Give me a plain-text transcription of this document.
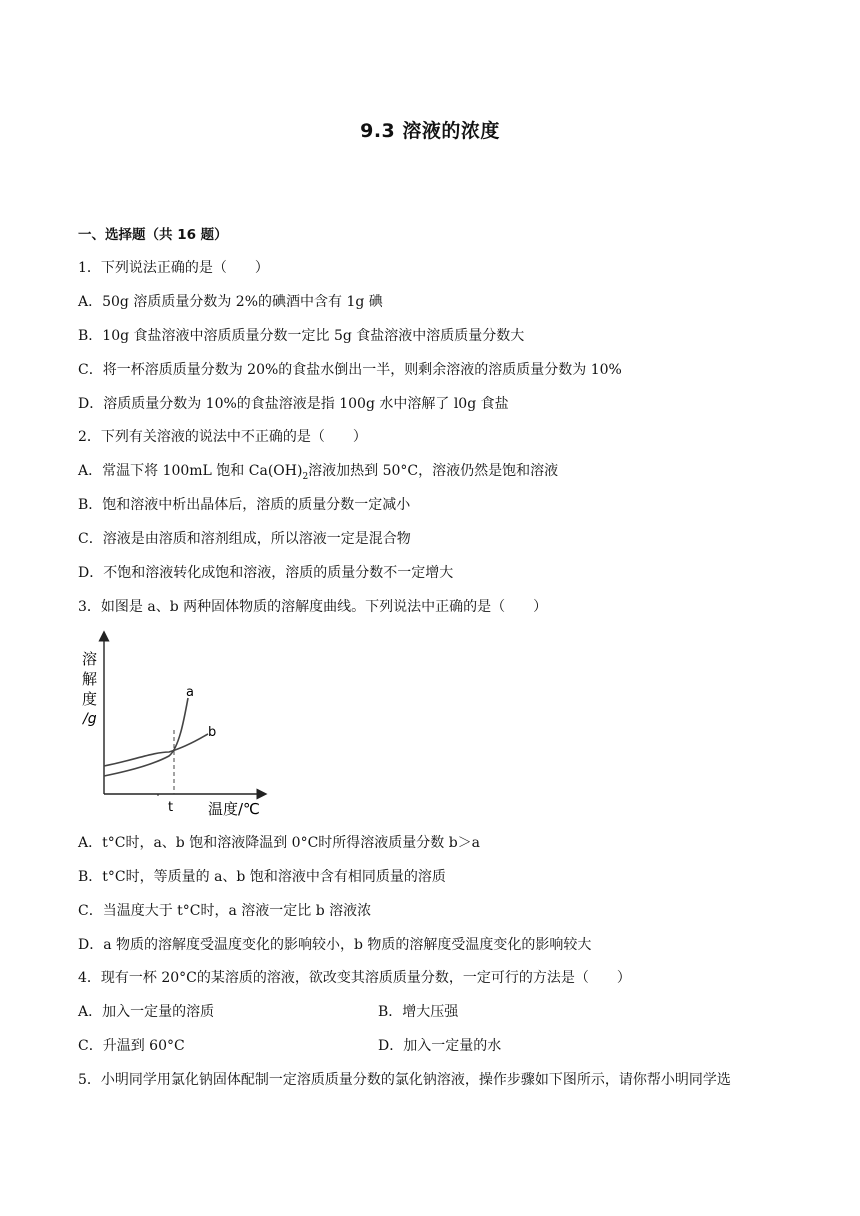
9.3 溶液的浓度
一、选择题（共 16 题）
1．下列说法正确的是（　　）
A．50g 溶质质量分数为 2%的碘酒中含有 1g 碘
B．10g 食盐溶液中溶质质量分数一定比 5g 食盐溶液中溶质质量分数大
C．将一杯溶质质量分数为 20%的食盐水倒出一半，则剩余溶液的溶质质量分数为 10%
D．溶质质量分数为 10%的食盐溶液是指 100g 水中溶解了 l0g 食盐
2．下列有关溶液的说法中不正确的是（　　）
A．常温下将 100mL 饱和 $Ca(OH)_2$溶液加热到 50°C，溶液仍然是饱和溶液
B．饱和溶液中析出晶体后，溶质的质量分数一定减小
C．溶液是由溶质和溶剂组成，所以溶液一定是混合物
D．不饱和溶液转化成饱和溶液，溶质的质量分数不一定增大
3．如图是 a、b 两种固体物质的溶解度曲线。下列说法中正确的是（　　）
溶
解
度
/g
a
b
t 温度/℃
A．t°C时，a、b 饱和溶液降温到 0°C时所得溶液质量分数 b＞a
B．t°C时，等质量的 a、b 饱和溶液中含有相同质量的溶质
C．当温度大于 t°C时，a 溶液一定比 b 溶液浓
D．a 物质的溶解度受温度变化的影响较小，b 物质的溶解度受温度变化的影响较大
4．现有一杯 20°C的某溶质的溶液，欲改变其溶质质量分数，一定可行的方法是（　　）
A．加入一定量的溶质	B．增大压强
C．升温到 60°C	D．加入一定量的水
5．小明同学用氯化钠固体配制一定溶质质量分数的氯化钠溶液，操作步骤如下图所示，请你帮小明同学选
